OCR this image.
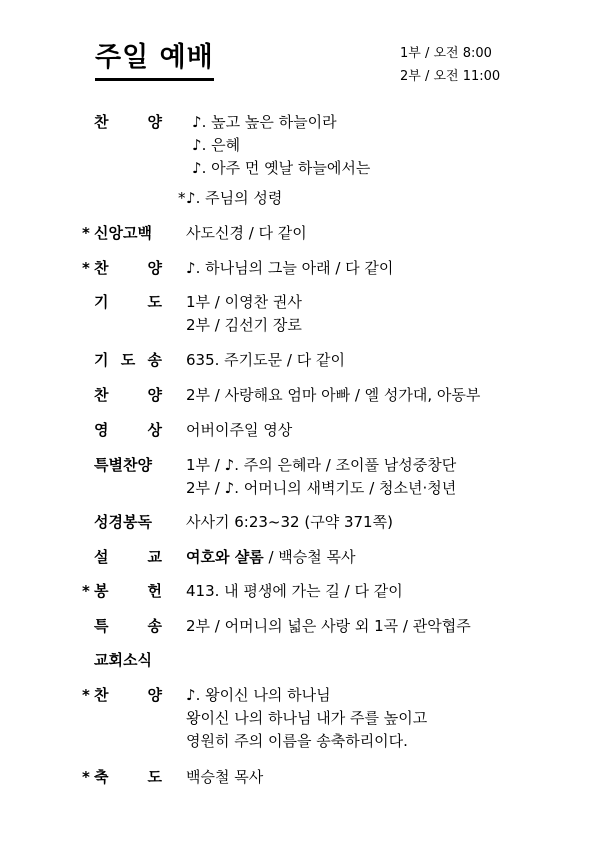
주일 예배	1부 / 오전 8:00
2부 / 오전 11:00
찬	양 ♪. 높고 높은 하늘이라
♪. 은혜
♪. 아주 먼 옛날 하늘에서는
* ♪. 주님의 성령
* 신앙고백	사도신경 / 다 같이
* 찬	양 ♪. 하나님의 그늘 아래 / 다 같이
기	도 1부 / 이영찬 권사
2부 / 김선기 장로
기 도 송 635. 주기도문 / 다 같이
찬	양 2부 / 사랑해요 엄마 아빠 / 엘 성가대, 아동부
영	상 어버이주일 영상
특별찬양	1부 / ♪. 주의 은혜라 / 조이풀 남성중창단
2부 / ♪. 어머니의 새벽기도 / 청소년·청년
성경봉독	사사기 6:23~32 (구약 371쪽)
설	교 여호와 샬롬 / 백승철 목사
* 봉	헌 413. 내 평생에 가는 길 / 다 같이
특	송 2부 / 어머니의 넓은 사랑 외 1곡 / 관악협주
교회소식
* 찬	양 ♪. 왕이신 나의 하나님
왕이신 나의 하나님 내가 주를 높이고
영원히 주의 이름을 송축하리이다.
* 축	도 백승철 목사
